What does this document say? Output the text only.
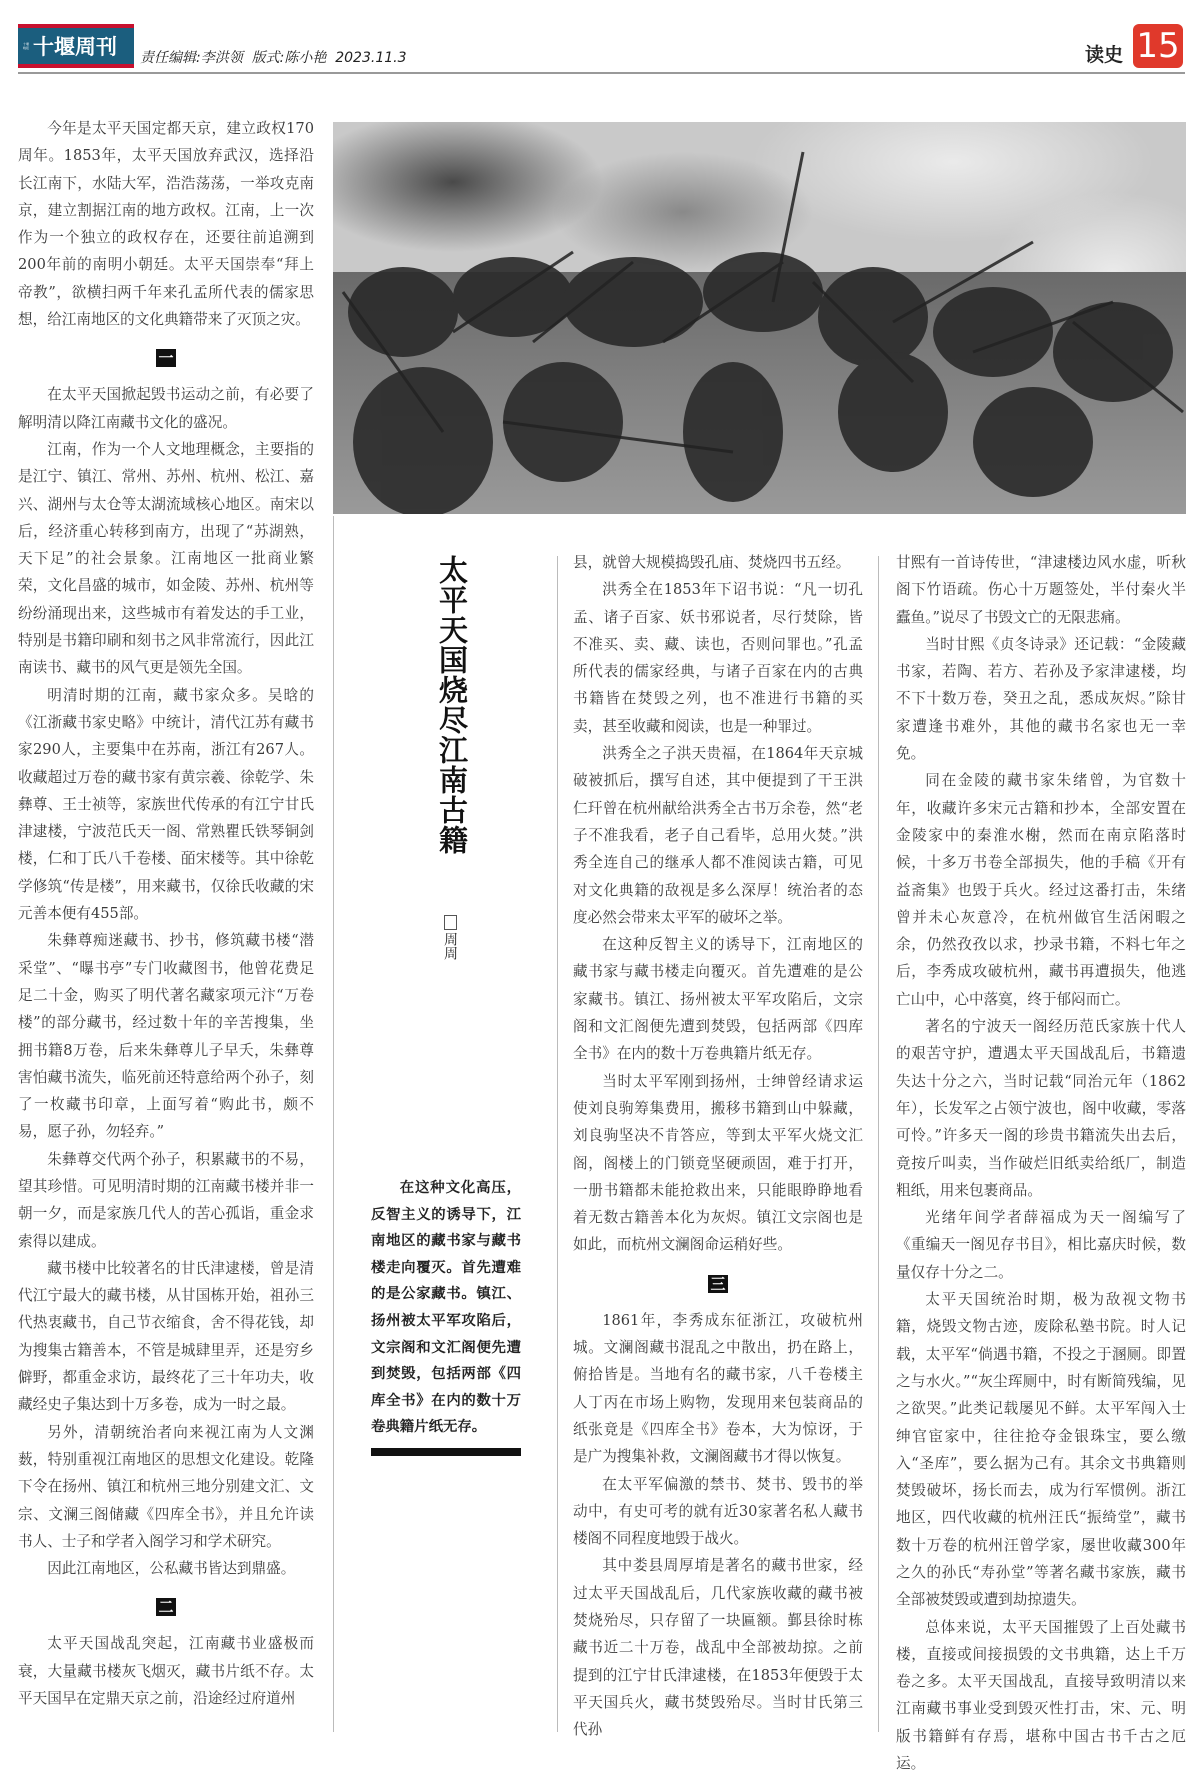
十堰晚报 十堰周刊 责任编辑:李洪领  版式:陈小艳  2023.11.3	读史 15

今年是太平天国定都天京，建立政权170周年。1853年，太平天国放弃武汉，选择沿长江南下，水陆大军，浩浩荡荡，一举攻克南京，建立割据江南的地方政权。江南，上一次作为一个独立的政权存在，还要往前追溯到200年前的南明小朝廷。太平天国崇奉“拜上帝教”，欲横扫两千年来孔孟所代表的儒家思想，给江南地区的文化典籍带来了灭顶之灾。

一

在太平天国掀起毁书运动之前，有必要了解明清以降江南藏书文化的盛况。

江南，作为一个人文地理概念，主要指的是江宁、镇江、常州、苏州、杭州、松江、嘉兴、湖州与太仓等太湖流域核心地区。南宋以后，经济重心转移到南方，出现了“苏湖熟，天下足”的社会景象。江南地区一批商业繁荣，文化昌盛的城市，如金陵、苏州、杭州等纷纷涌现出来，这些城市有着发达的手工业，特别是书籍印刷和刻书之风非常流行，因此江南读书、藏书的风气更是领先全国。

明清时期的江南，藏书家众多。吴晗的《江浙藏书家史略》中统计，清代江苏有藏书家290人，主要集中在苏南，浙江有267人。收藏超过万卷的藏书家有黄宗羲、徐乾学、朱彝尊、王士祯等，家族世代传承的有江宁甘氏津逮楼，宁波范氏天一阁、常熟瞿氏铁琴铜剑楼，仁和丁氏八千卷楼、皕宋楼等。其中徐乾学修筑“传是楼”，用来藏书，仅徐氏收藏的宋元善本便有455部。

朱彝尊痴迷藏书、抄书，修筑藏书楼“潜采堂”、“曝书亭”专门收藏图书，他曾花费足足二十金，购买了明代著名藏家项元汴“万卷楼”的部分藏书，经过数十年的辛苦搜集，坐拥书籍8万卷，后来朱彝尊儿子早夭，朱彝尊害怕藏书流失，临死前还特意给两个孙子，刻了一枚藏书印章，上面写着“购此书，颇不易，愿子孙，勿轻弃。”

朱彝尊交代两个孙子，积累藏书的不易，望其珍惜。可见明清时期的江南藏书楼并非一朝一夕，而是家族几代人的苦心孤诣，重金求索得以建成。

藏书楼中比较著名的甘氏津逮楼，曾是清代江宁最大的藏书楼，从甘国栋开始，祖孙三代热衷藏书，自己节衣缩食，舍不得花钱，却为搜集古籍善本，不管是城肆里弄，还是穷乡僻野，都重金求访，最终花了三十年功夫，收藏经史子集达到十万多卷，成为一时之最。

另外，清朝统治者向来视江南为人文渊薮，特别重视江南地区的思想文化建设。乾隆下令在扬州、镇江和杭州三地分别建文汇、文宗、文澜三阁储藏《四库全书》，并且允许读书人、士子和学者入阁学习和学术研究。

因此江南地区，公私藏书皆达到鼎盛。

二

太平天国战乱突起，江南藏书业盛极而衰，大量藏书楼灰飞烟灭，藏书片纸不存。太平天国早在定鼎天京之前，沿途经过府道州

太平天国烧尽江南古籍
周周

在这种文化高压，反智主义的诱导下，江南地区的藏书家与藏书楼走向覆灭。首先遭难的是公家藏书。镇江、扬州被太平军攻陷后，文宗阁和文汇阁便先遭到焚毁，包括两部《四库全书》在内的数十万卷典籍片纸无存。

县，就曾大规模捣毁孔庙、焚烧四书五经。

洪秀全在1853年下诏书说：“凡一切孔孟、诸子百家、妖书邪说者，尽行焚除，皆不准买、卖、藏、读也，否则问罪也。”孔孟所代表的儒家经典，与诸子百家在内的古典书籍皆在焚毁之列，也不准进行书籍的买卖，甚至收藏和阅读，也是一种罪过。

洪秀全之子洪天贵福，在1864年天京城破被抓后，撰写自述，其中便提到了干王洪仁玕曾在杭州献给洪秀全古书万余卷，然“老子不准我看，老子自己看毕，总用火焚。”洪秀全连自己的继承人都不准阅读古籍，可见对文化典籍的敌视是多么深厚！统治者的态度必然会带来太平军的破坏之举。

在这种反智主义的诱导下，江南地区的藏书家与藏书楼走向覆灭。首先遭难的是公家藏书。镇江、扬州被太平军攻陷后，文宗阁和文汇阁便先遭到焚毁，包括两部《四库全书》在内的数十万卷典籍片纸无存。

当时太平军刚到扬州，士绅曾经请求运使刘良驹筹集费用，搬移书籍到山中躲藏，刘良驹坚决不肯答应，等到太平军火烧文汇阁，阁楼上的门锁竟坚硬顽固，难于打开，一册书籍都未能抢救出来，只能眼睁睁地看着无数古籍善本化为灰烬。镇江文宗阁也是如此，而杭州文澜阁命运稍好些。

三

1861年，李秀成东征浙江，攻破杭州城。文澜阁藏书混乱之中散出，扔在路上，俯拾皆是。当地有名的藏书家，八千卷楼主人丁丙在市场上购物，发现用来包装商品的纸张竟是《四库全书》卷本，大为惊讶，于是广为搜集补救，文澜阁藏书才得以恢复。

在太平军偏激的禁书、焚书、毁书的举动中，有史可考的就有近30家著名私人藏书楼阁不同程度地毁于战火。

其中娄县周厚堉是著名的藏书世家，经过太平天国战乱后，几代家族收藏的藏书被焚烧殆尽，只存留了一块匾额。鄞县徐时栋藏书近二十万卷，战乱中全部被劫掠。之前提到的江宁甘氏津逮楼，在1853年便毁于太平天国兵火，藏书焚毁殆尽。当时甘氏第三代孙

甘熙有一首诗传世，“津逮楼边风水虚，听秋阁下竹语疏。伤心十万题签处，半付秦火半蠹鱼。”说尽了书毁文亡的无限悲痛。

当时甘熙《贞冬诗录》还记载：“金陵藏书家，若陶、若方、若孙及予家津逮楼，均不下十数万卷，癸丑之乱，悉成灰烬。”除甘家遭逢书难外，其他的藏书名家也无一幸免。

同在金陵的藏书家朱绪曾，为官数十年，收藏许多宋元古籍和抄本，全部安置在金陵家中的秦淮水榭，然而在南京陷落时候，十多万书卷全部损失，他的手稿《开有益斋集》也毁于兵火。经过这番打击，朱绪曾并未心灰意冷，在杭州做官生活闲暇之余，仍然孜孜以求，抄录书籍，不料七年之后，李秀成攻破杭州，藏书再遭损失，他逃亡山中，心中落寞，终于郁闷而亡。

著名的宁波天一阁经历范氏家族十代人的艰苦守护，遭遇太平天国战乱后，书籍遗失达十分之六，当时记载“同治元年（1862年），长发军之占领宁波也，阁中收藏，零落可怜。”许多天一阁的珍贵书籍流失出去后，竟按斤叫卖，当作破烂旧纸卖给纸厂，制造粗纸，用来包裹商品。

光绪年间学者薛福成为天一阁编写了《重编天一阁见存书目》，相比嘉庆时候，数量仅存十分之二。

太平天国统治时期，极为敌视文物书籍，烧毁文物古迹，废除私塾书院。时人记载，太平军“倘遇书籍，不投之于溷厕。即置之与水火。”“灰尘珲厕中，时有断简残编，见之欲哭。”此类记载屡见不鲜。太平军闯入士绅官宦家中，往往抢夺金银珠宝，要么缴入“圣库”，要么据为己有。其余文书典籍则焚毁破坏，扬长而去，成为行军惯例。浙江地区，四代收藏的杭州汪氏“振绮堂”，藏书数十万卷的杭州汪曾学家，屡世收藏300年之久的孙氏“寿孙堂”等著名藏书家族，藏书全部被焚毁或遭到劫掠遗失。

总体来说，太平天国摧毁了上百处藏书楼，直接或间接损毁的文书典籍，达上千万卷之多。太平天国战乱，直接导致明清以来江南藏书事业受到毁灭性打击，宋、元、明版书籍鲜有存焉，堪称中国古书千古之厄运。
